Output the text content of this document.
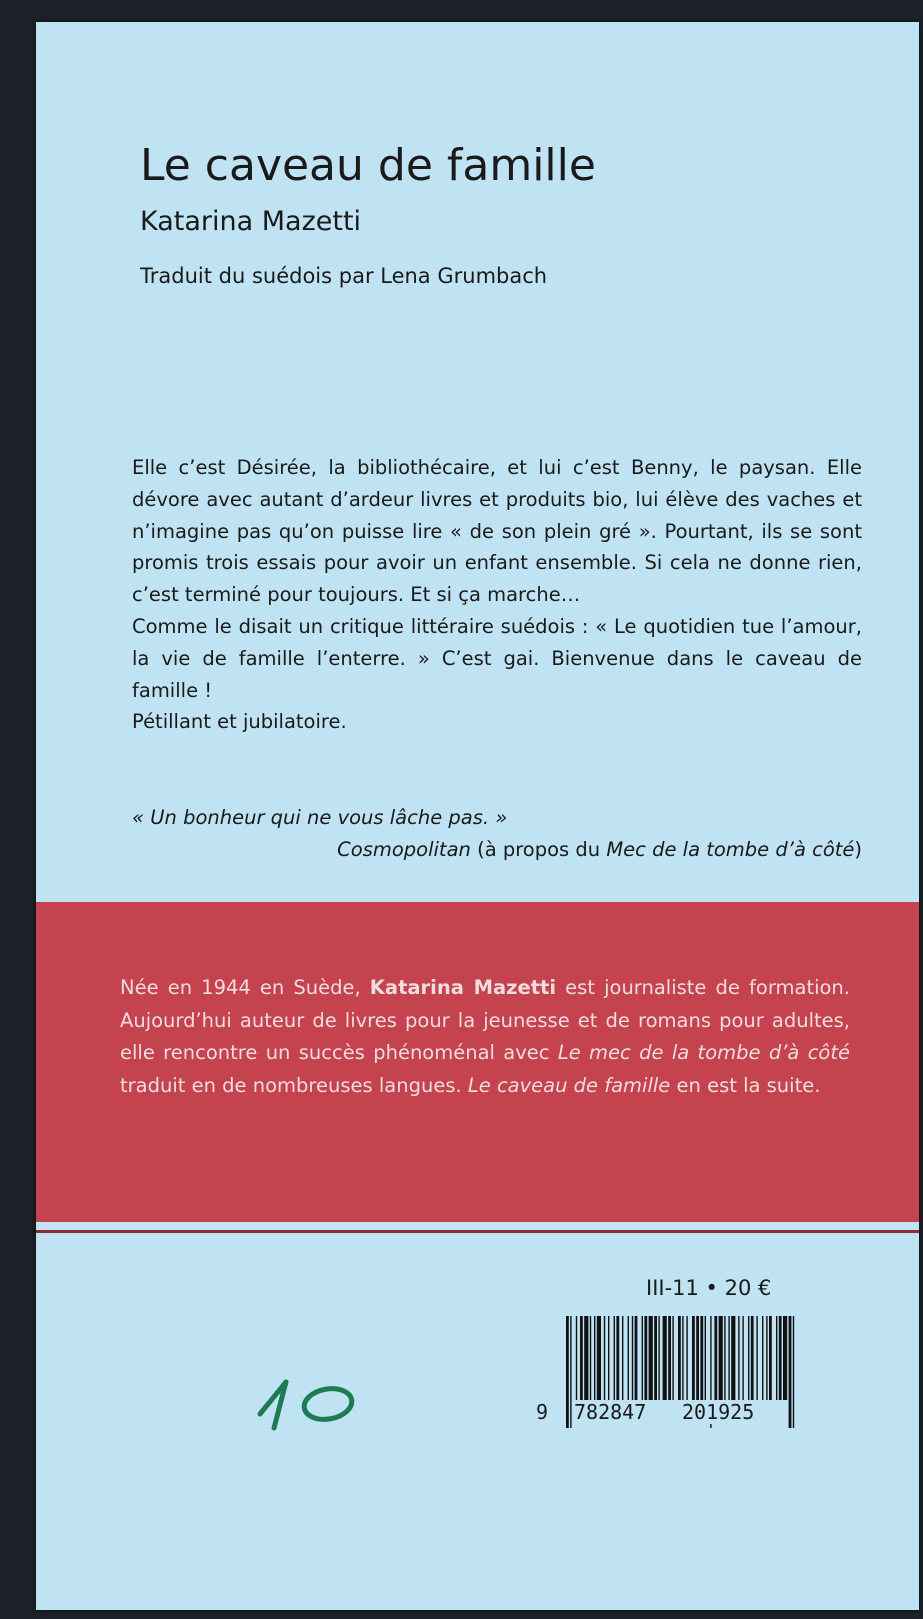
Le caveau de famille
Katarina Mazetti
Traduit du suédois par Lena Grumbach

Elle c’est Désirée, la bibliothécaire, et lui c’est Benny, le paysan. Elle dévore avec autant d’ardeur livres et produits bio, lui élève des vaches et n’imagine pas qu’on puisse lire « de son plein gré ». Pourtant, ils se sont promis trois essais pour avoir un enfant ensemble. Si cela ne donne rien, c’est terminé pour toujours. Et si ça marche…

Comme le disait un critique littéraire suédois : « Le quotidien tue l’amour, la vie de famille l’enterre. » C’est gai. Bienvenue dans le caveau de famille !

Pétillant et jubilatoire.

« Un bonheur qui ne vous lâche pas. »
Cosmopolitan (à propos du Mec de la tombe d’à côté)
Née en 1944 en Suède, Katarina Mazetti est journaliste de formation. Aujourd’hui auteur de livres pour la jeunesse et de romans pour adultes, elle rencontre un succès phénoménal avec Le mec de la tombe d’à côté traduit en de nombreuses langues. Le caveau de famille en est la suite.
III-11 • 20 €
9 782847 201925
